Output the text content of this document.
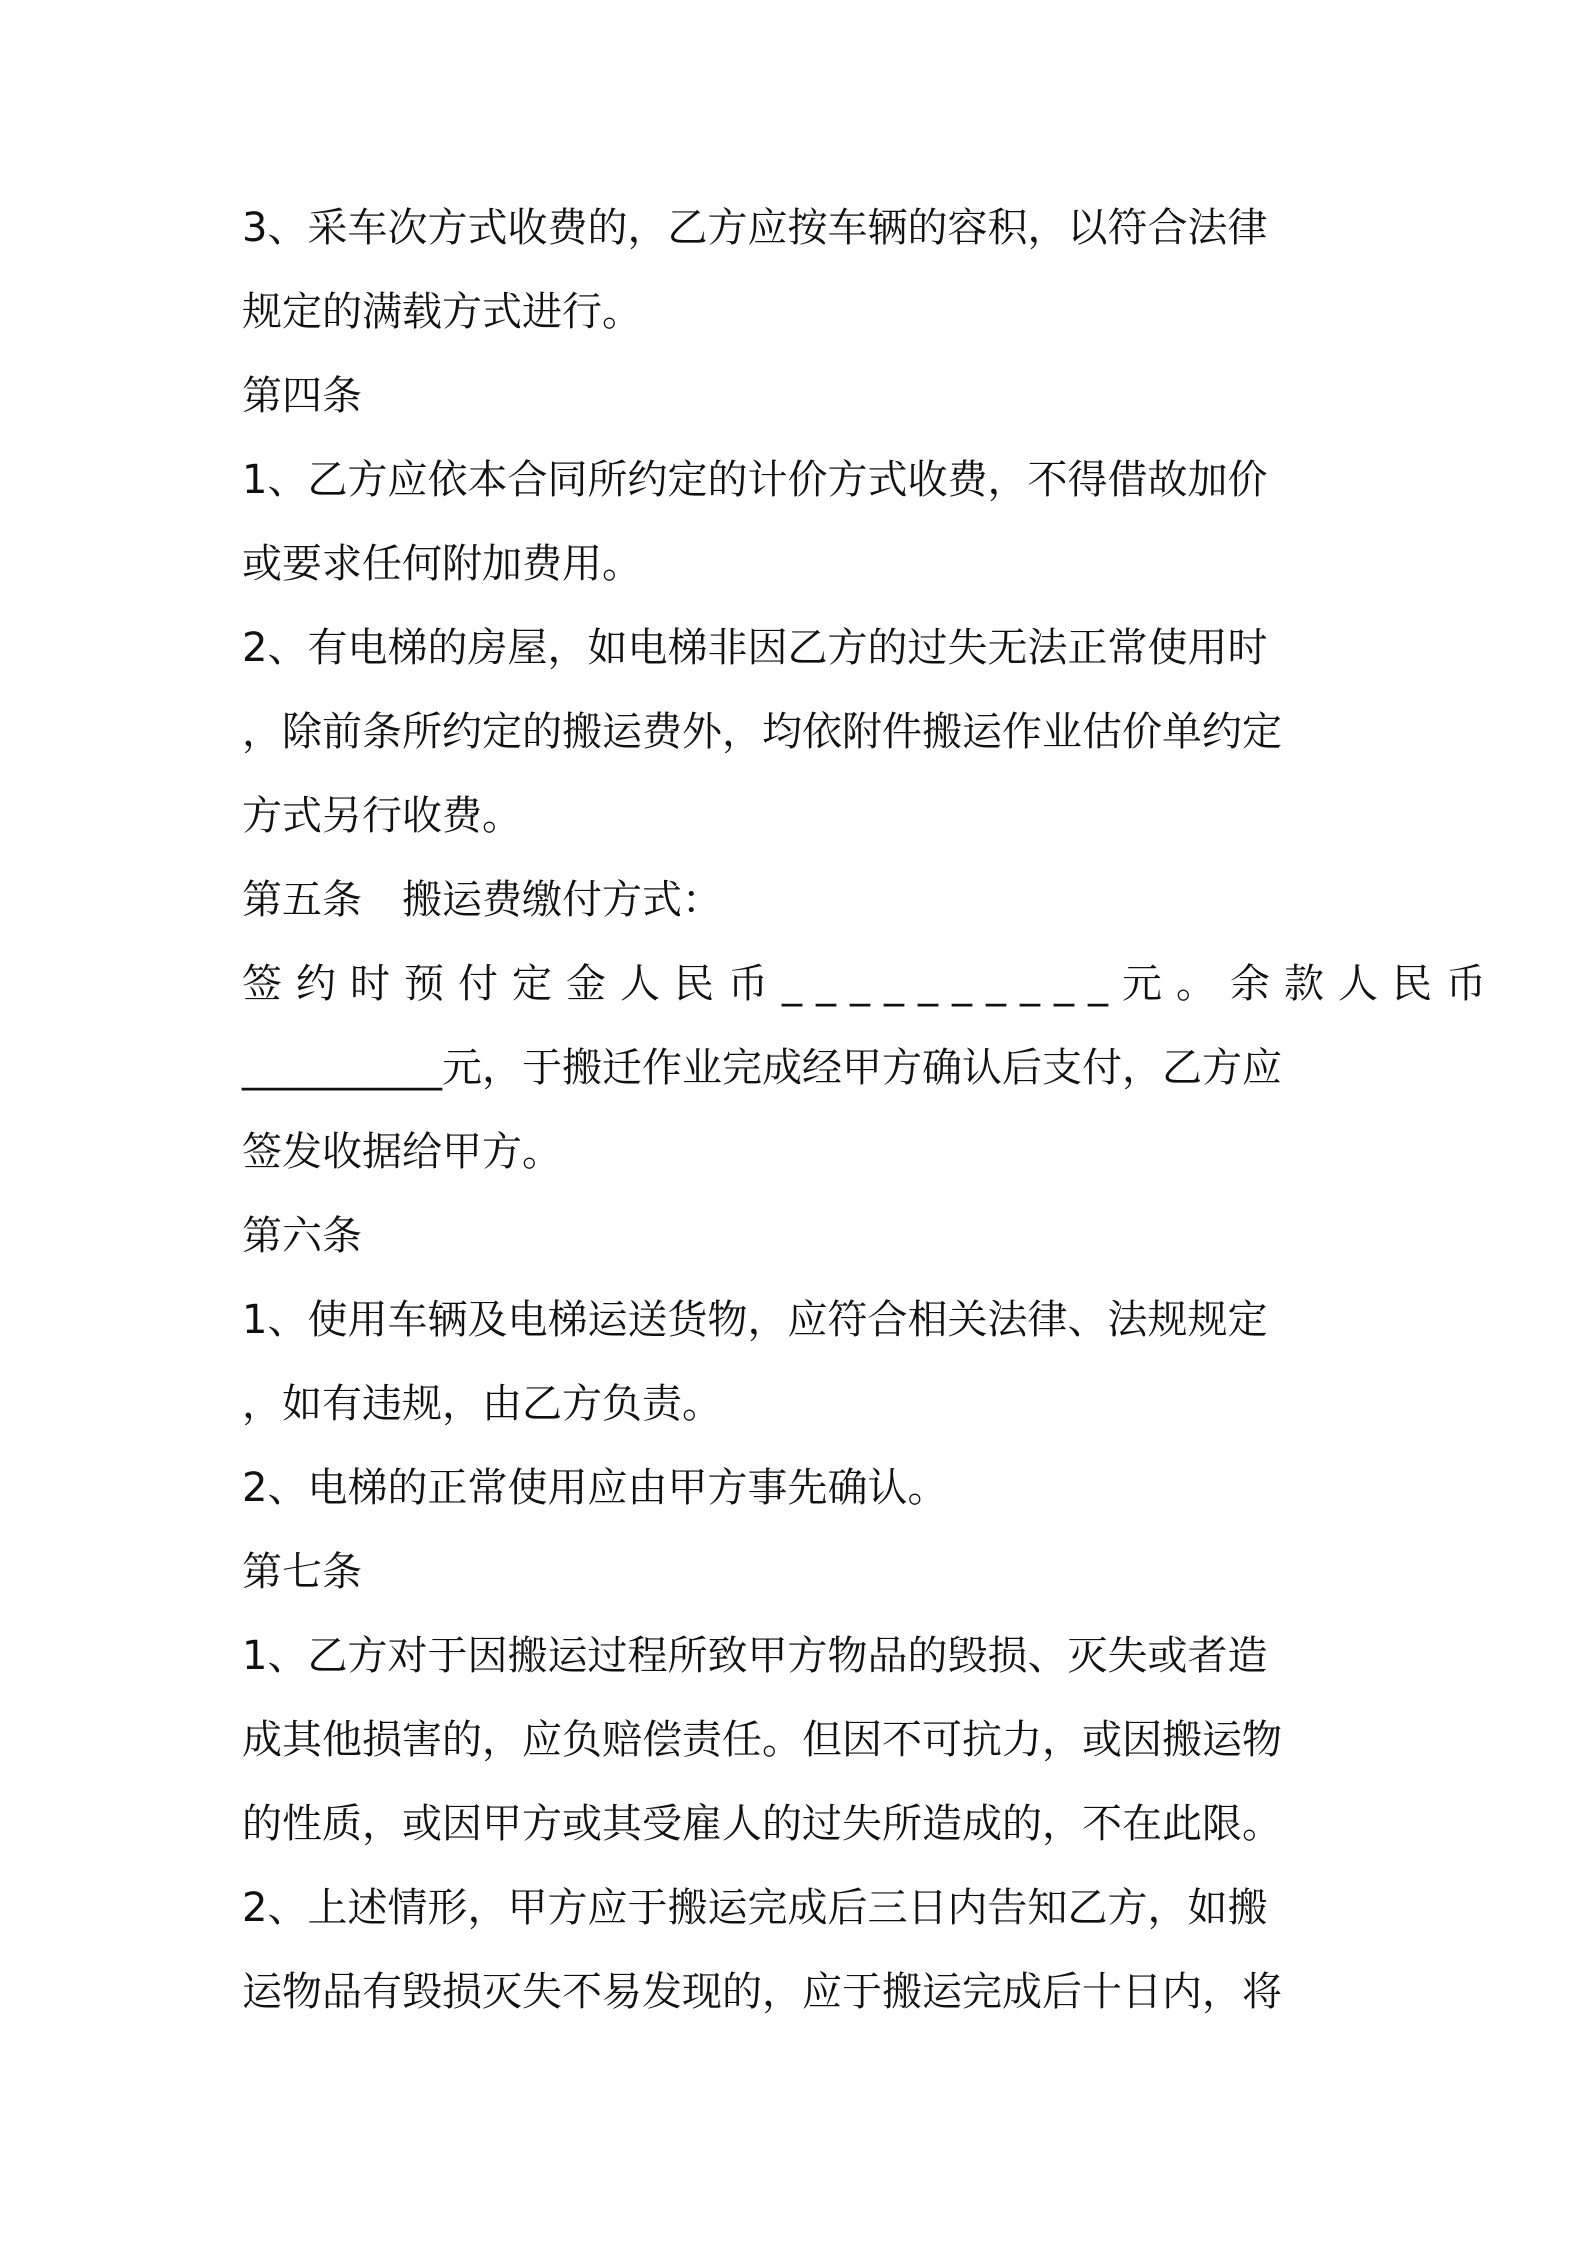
3、采车次方式收费的，乙方应按车辆的容积，以符合法律
规定的满载方式进行。
第四条
1、乙方应依本合同所约定的计价方式收费，不得借故加价
或要求任何附加费用。
2、有电梯的房屋，如电梯非因乙方的过失无法正常使用时
，除前条所约定的搬运费外，均依附件搬运作业估价单约定
方式另行收费。
第五条　搬运费缴付方式：
签约时预付定金人民币__________元。余款人民币
__________元，于搬迁作业完成经甲方确认后支付，乙方应
签发收据给甲方。
第六条
1、使用车辆及电梯运送货物，应符合相关法律、法规规定
，如有违规，由乙方负责。
2、电梯的正常使用应由甲方事先确认。
第七条
1、乙方对于因搬运过程所致甲方物品的毁损、灭失或者造
成其他损害的，应负赔偿责任。但因不可抗力，或因搬运物
的性质，或因甲方或其受雇人的过失所造成的，不在此限。
2、上述情形，甲方应于搬运完成后三日内告知乙方，如搬
运物品有毁损灭失不易发现的，应于搬运完成后十日内，将
